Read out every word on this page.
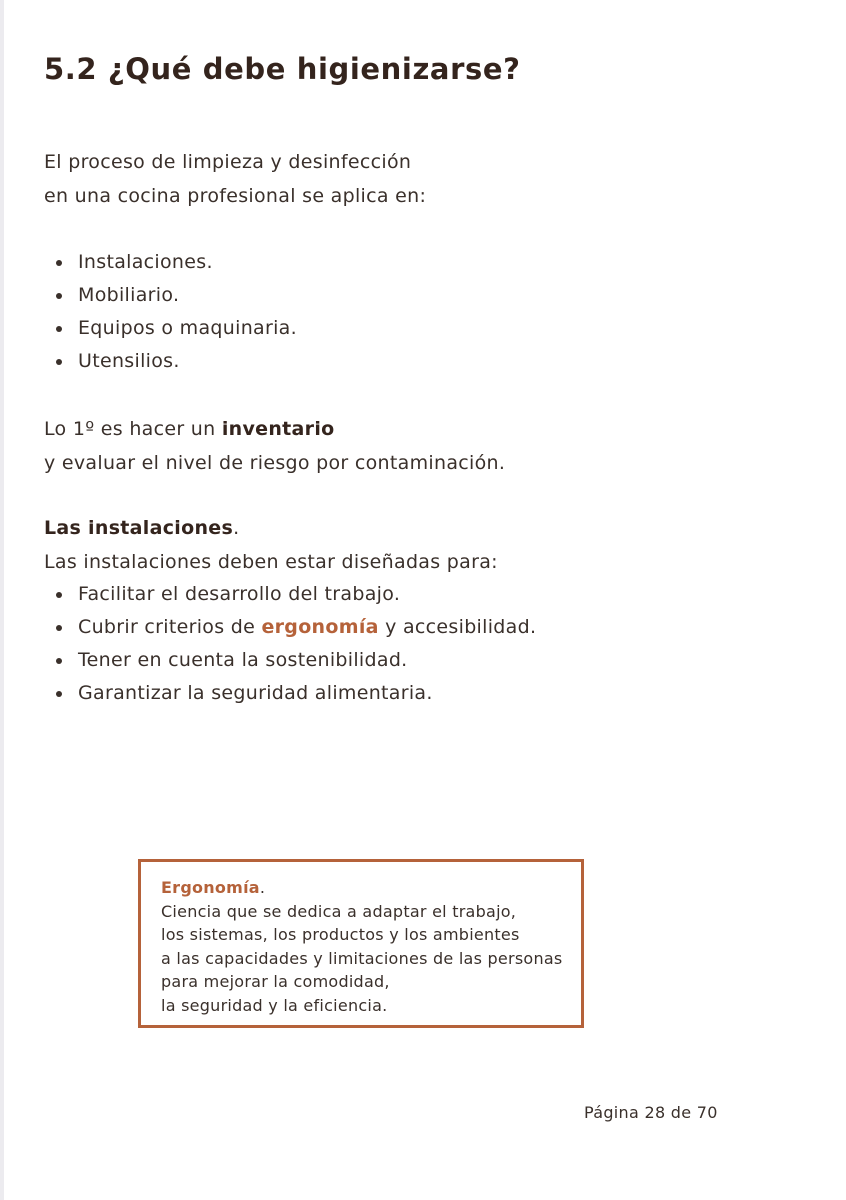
5.2 ¿Qué debe higienizarse?

El proceso de limpieza y desinfección

en una cocina profesional se aplica en:

Instalaciones.
Mobiliario.
Equipos o maquinaria.
Utensilios.

Lo 1º es hacer un inventario

y evaluar el nivel de riesgo por contaminación.

Las instalaciones.

Las instalaciones deben estar diseñadas para:

Facilitar el desarrollo del trabajo.
Cubrir criterios de ergonomía y accesibilidad.
Tener en cuenta la sostenibilidad.
Garantizar la seguridad alimentaria.

Ergonomía.

Ciencia que se dedica a adaptar el trabajo,

los sistemas, los productos y los ambientes

a las capacidades y limitaciones de las personas

para mejorar la comodidad,

la seguridad y la eficiencia.

Página 28 de 70
